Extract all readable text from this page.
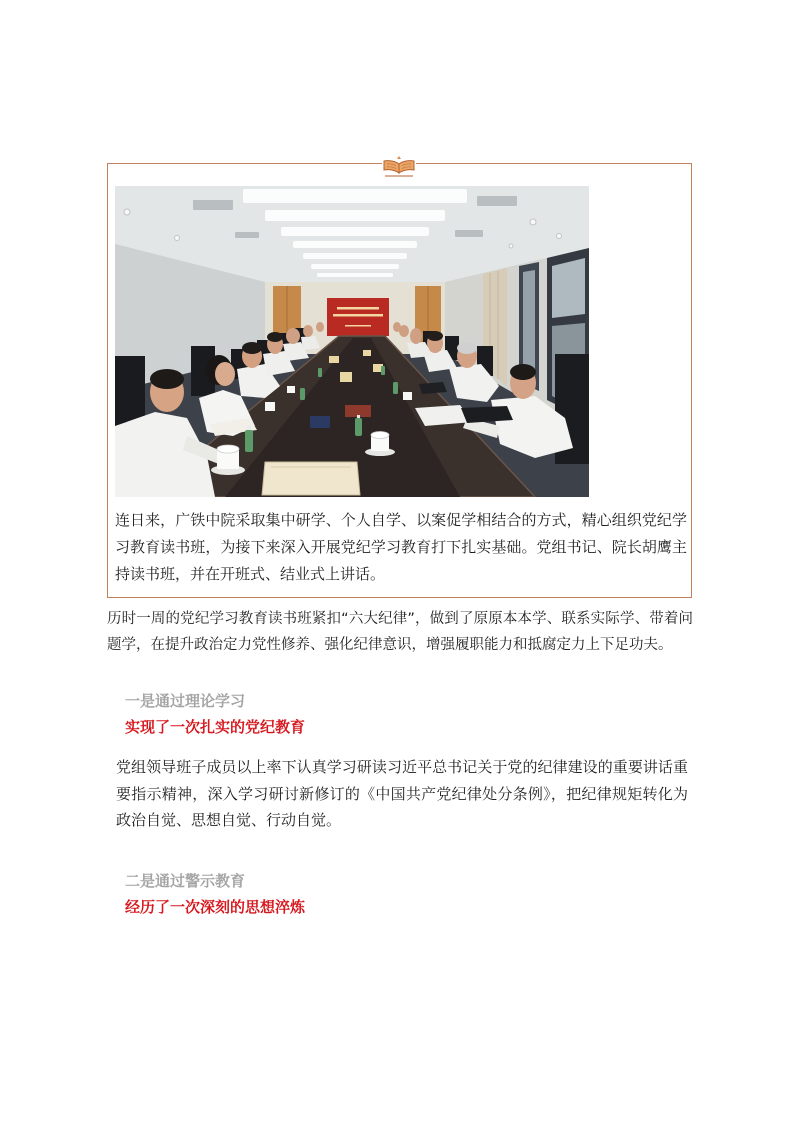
连日来，广铁中院采取集中研学、个人自学、以案促学相结合的方式，精心组织党纪学习教育读书班，为接下来深入开展党纪学习教育打下扎实基础。党组书记、院长胡鹰主持读书班，并在开班式、结业式上讲话。

历时一周的党纪学习教育读书班紧扣“六大纪律”，做到了原原本本学、联系实际学、带着问题学，在提升政治定力党性修养、强化纪律意识，增强履职能力和抵腐定力上下足功夫。

一是通过理论学习
实现了一次扎实的党纪教育

党组领导班子成员以上率下认真学习研读习近平总书记关于党的纪律建设的重要讲话重要指示精神，深入学习研讨新修订的《中国共产党纪律处分条例》，把纪律规矩转化为政治自觉、思想自觉、行动自觉。

二是通过警示教育
经历了一次深刻的思想淬炼
